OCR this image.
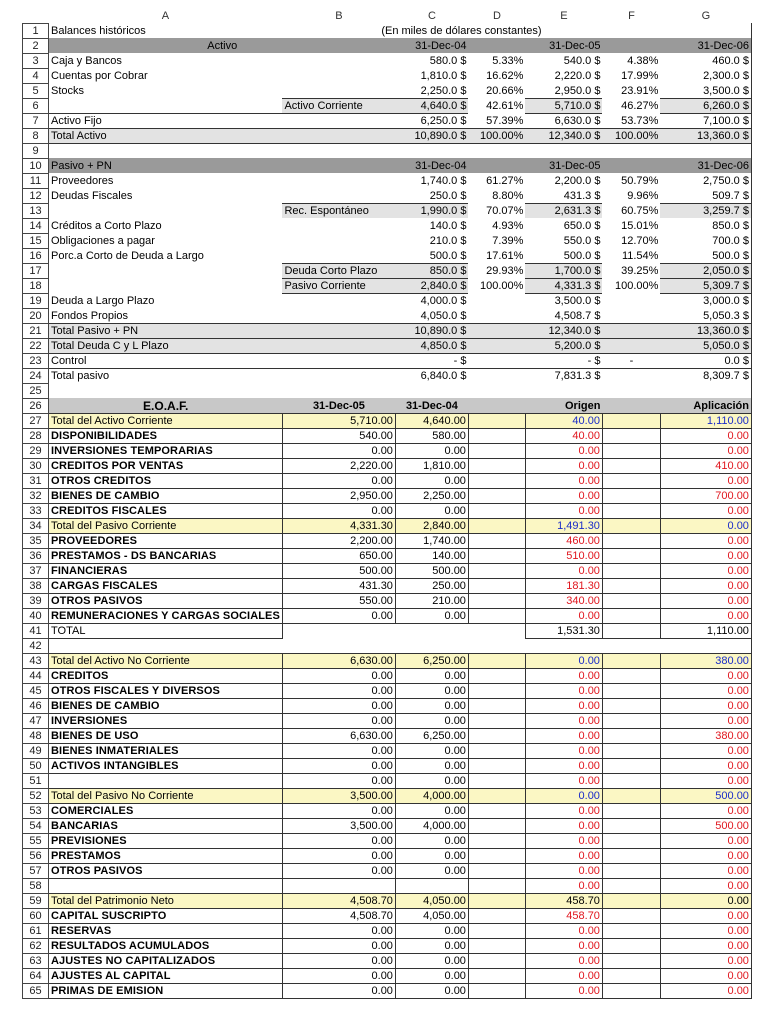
	A	B	C	D	E	F	G
1	Balances históricos	(En miles de dólares constantes)					
2	Activo		31-Dec-04		31-Dec-05		31-Dec-06
3	Caja y Bancos		580.0 $	5.33%	540.0 $	4.38%	460.0 $
4	Cuentas por Cobrar		1,810.0 $	16.62%	2,220.0 $	17.99%	2,300.0 $
5	Stocks		2,250.0 $	20.66%	2,950.0 $	23.91%	3,500.0 $
6		Activo Corriente	4,640.0 $	42.61%	5,710.0 $	46.27%	6,260.0 $
7	Activo Fijo		6,250.0 $	57.39%	6,630.0 $	53.73%	7,100.0 $
8	Total Activo		10,890.0 $	100.00%	12,340.0 $	100.00%	13,360.0 $
9							
10	Pasivo + PN		31-Dec-04		31-Dec-05		31-Dec-06
11	Proveedores		1,740.0 $	61.27%	2,200.0 $	50.79%	2,750.0 $
12	Deudas Fiscales		250.0 $	8.80%	431.3 $	9.96%	509.7 $
13		Rec. Espontáneo	1,990.0 $	70.07%	2,631.3 $	60.75%	3,259.7 $
14	Créditos a Corto Plazo		140.0 $	4.93%	650.0 $	15.01%	850.0 $
15	Obligaciones a pagar		210.0 $	7.39%	550.0 $	12.70%	700.0 $
16	Porc.a Corto de Deuda a Largo		500.0 $	17.61%	500.0 $	11.54%	500.0 $
17		Deuda Corto Plazo	850.0 $	29.93%	1,700.0 $	39.25%	2,050.0 $
18		Pasivo Corriente	2,840.0 $	100.00%	4,331.3 $	100.00%	5,309.7 $
19	Deuda a Largo Plazo		4,000.0 $		3,500.0 $		3,000.0 $
20	Fondos Propios		4,050.0 $		4,508.7 $		5,050.3 $
21	Total Pasivo + PN		10,890.0 $		12,340.0 $		13,360.0 $
22	Total Deuda C y L Plazo		4,850.0 $		5,200.0 $		5,050.0 $
23	Control		- $		- $	-	0.0 $
24	Total pasivo		6,840.0 $		7,831.3 $		8,309.7 $
25							
26	E.O.A.F.	31-Dec-05	31-Dec-04		Origen		Aplicación
27	Total del Activo Corriente	5,710.00	4,640.00		40.00		1,110.00
28	DISPONIBILIDADES	540.00	580.00		40.00		0.00
29	INVERSIONES TEMPORARIAS	0.00	0.00		0.00		0.00
30	CREDITOS POR VENTAS	2,220.00	1,810.00		0.00		410.00
31	OTROS CREDITOS	0.00	0.00		0.00		0.00
32	BIENES DE CAMBIO	2,950.00	2,250.00		0.00		700.00
33	CREDITOS FISCALES	0.00	0.00		0.00		0.00
34	Total del Pasivo Corriente	4,331.30	2,840.00		1,491.30		0.00
35	PROVEEDORES	2,200.00	1,740.00		460.00		0.00
36	PRESTAMOS - DS BANCARIAS	650.00	140.00		510.00		0.00
37	FINANCIERAS	500.00	500.00		0.00		0.00
38	CARGAS FISCALES	431.30	250.00		181.30		0.00
39	OTROS PASIVOS	550.00	210.00		340.00		0.00
40	REMUNERACIONES Y CARGAS SOCIALES	0.00	0.00		0.00		0.00
41	TOTAL				1,531.30		1,110.00
42							
43	Total del Activo No Corriente	6,630.00	6,250.00		0.00		380.00
44	CREDITOS	0.00	0.00		0.00		0.00
45	OTROS FISCALES Y DIVERSOS	0.00	0.00		0.00		0.00
46	BIENES DE CAMBIO	0.00	0.00		0.00		0.00
47	INVERSIONES	0.00	0.00		0.00		0.00
48	BIENES DE USO	6,630.00	6,250.00		0.00		380.00
49	BIENES INMATERIALES	0.00	0.00		0.00		0.00
50	ACTIVOS INTANGIBLES	0.00	0.00		0.00		0.00
51		0.00	0.00		0.00		0.00
52	Total del Pasivo No Corriente	3,500.00	4,000.00		0.00		500.00
53	COMERCIALES	0.00	0.00		0.00		0.00
54	BANCARIAS	3,500.00	4,000.00		0.00		500.00
55	PREVISIONES	0.00	0.00		0.00		0.00
56	PRESTAMOS	0.00	0.00		0.00		0.00
57	OTROS PASIVOS	0.00	0.00		0.00		0.00
58					0.00		0.00
59	Total del Patrimonio Neto	4,508.70	4,050.00		458.70		0.00
60	CAPITAL SUSCRIPTO	4,508.70	4,050.00		458.70		0.00
61	RESERVAS	0.00	0.00		0.00		0.00
62	RESULTADOS ACUMULADOS	0.00	0.00		0.00		0.00
63	AJUSTES NO CAPITALIZADOS	0.00	0.00		0.00		0.00
64	AJUSTES AL CAPITAL	0.00	0.00		0.00		0.00
65	PRIMAS DE EMISION	0.00	0.00		0.00		0.00
